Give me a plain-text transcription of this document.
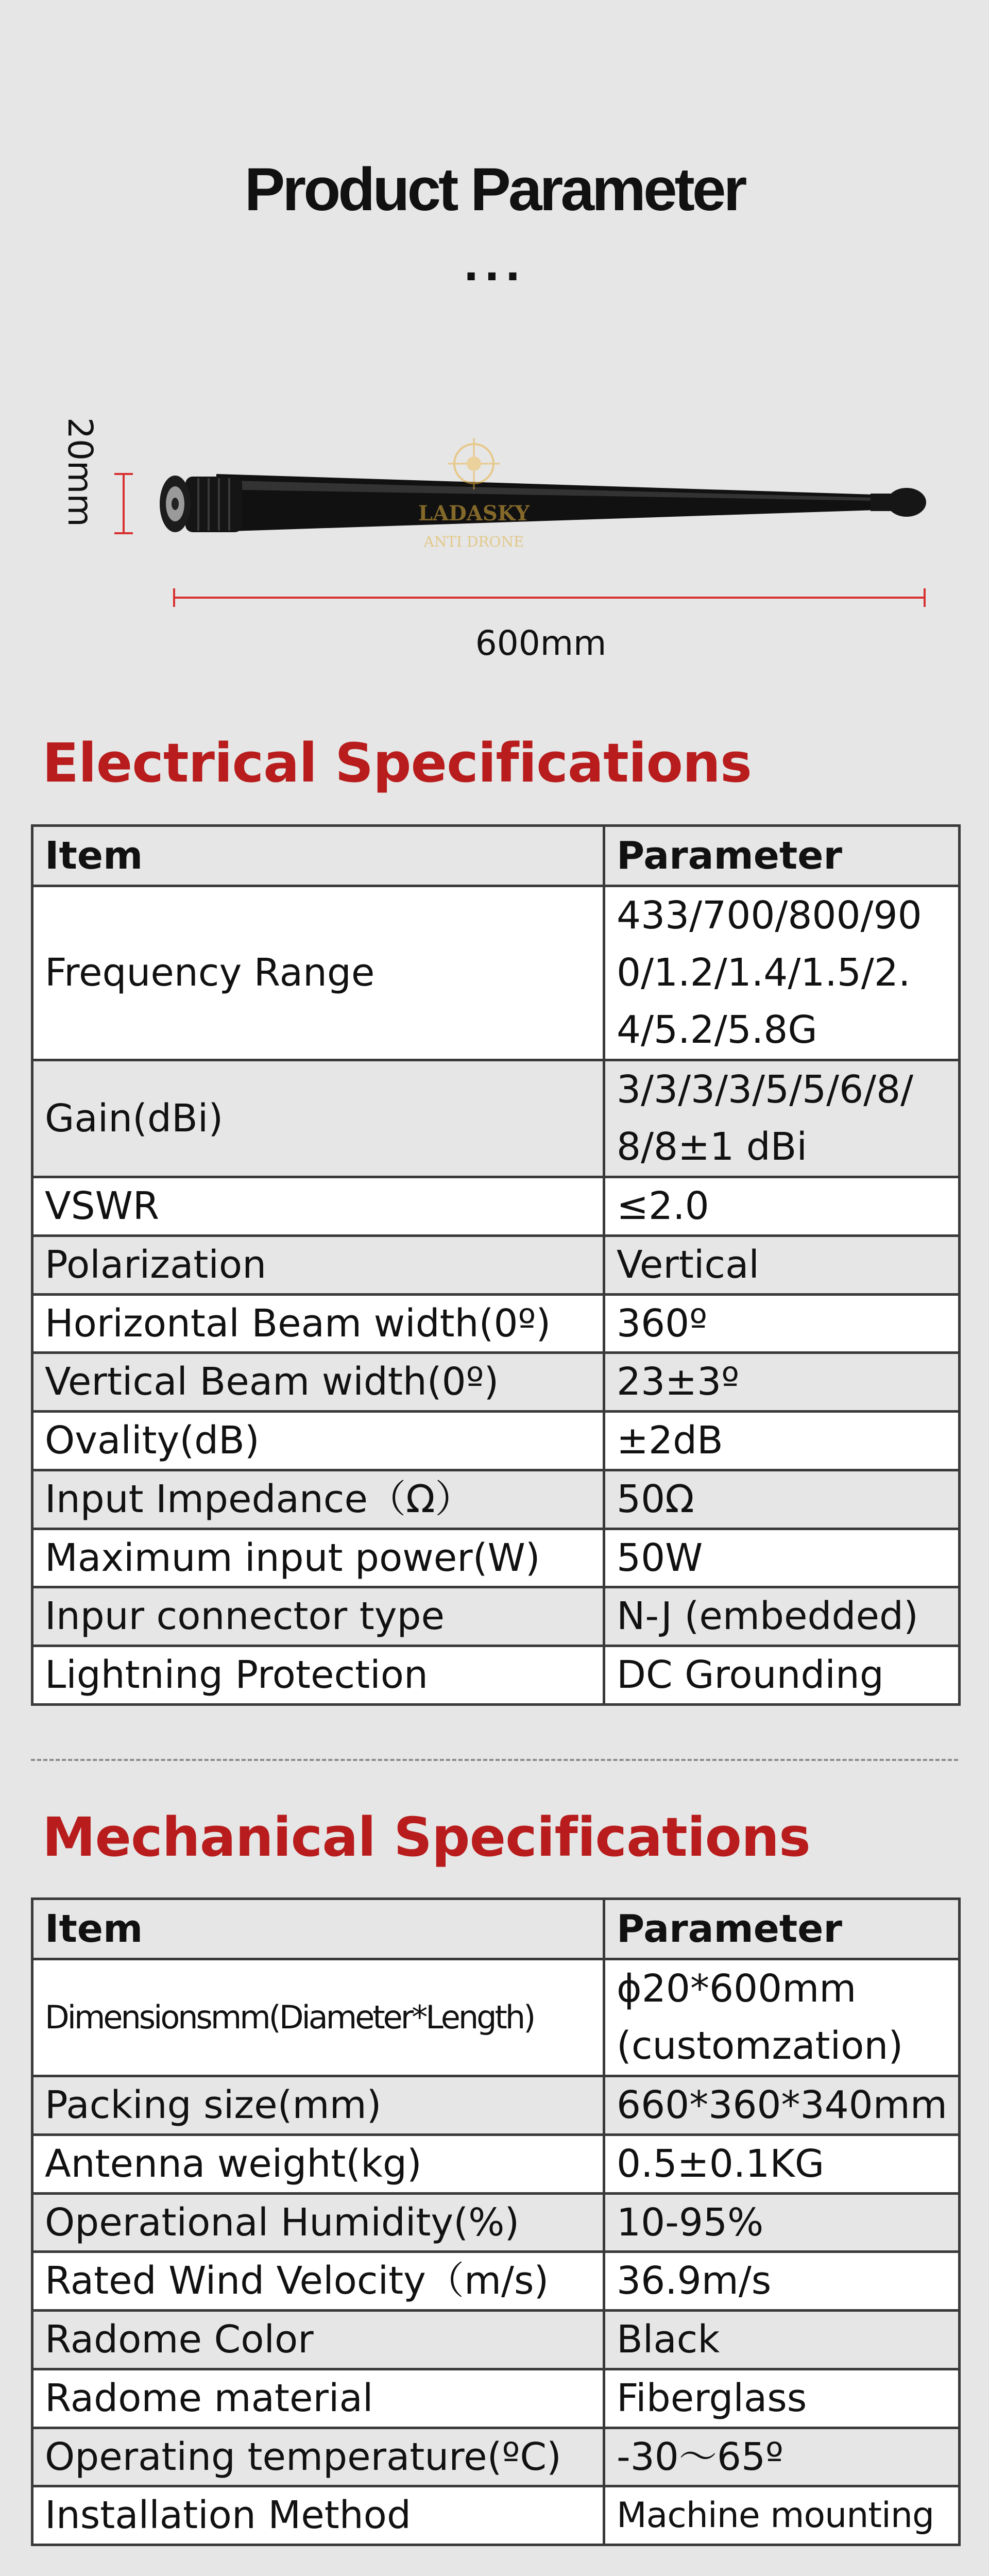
Product Parameter
...
LADASKY
ANTI DRONE
20mm
600mm
Electrical Specifications
Item	Parameter
Frequency Range	433/700/800/900/1.2/1.4/1.5/2.4/5.2/5.8G
Gain(dBi)	3/3/3/3/5/5/6/8/8/8±1 dBi
VSWR	≤2.0
Polarization	Vertical
Horizontal Beam width(0º)	360º
Vertical Beam width(0º)	23±3º
Ovality(dB)	±2dB
Input Impedance（Ω）	50Ω
Maximum input power(W)	50W
Inpur connector type	N-J (embedded)
Lightning Protection	DC Grounding
Mechanical Specifications
Item	Parameter
Dimensionsmm(Diameter*Length)	ϕ20*600mm (customzation)
Packing size(mm)	660*360*340mm
Antenna weight(kg)	0.5±0.1KG
Operational Humidity(%)	10-95%
Rated Wind Velocity（m/s)	36.9m/s
Radome Color	Black
Radome material	Fiberglass
Operating temperature(ºC)	-30～65º
Installation Method	Machine mounting
